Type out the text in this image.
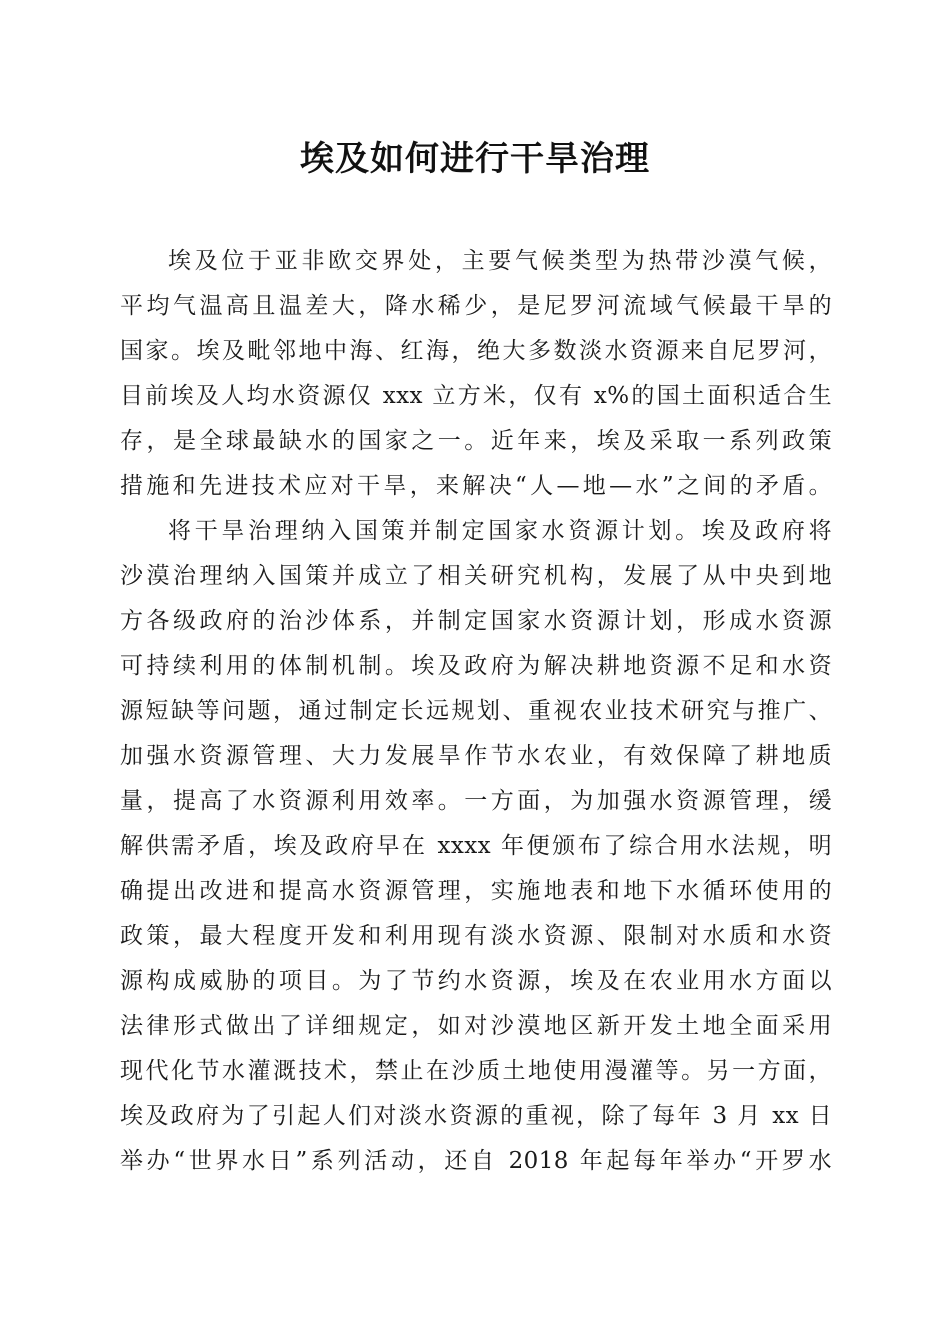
埃及如何进行干旱治理
埃及位于亚非欧交界处，主要气候类型为热带沙漠气候，
平均气温高且温差大，降水稀少，是尼罗河流域气候最干旱的
国家。埃及毗邻地中海、红海，绝大多数淡水资源来自尼罗河，
目前埃及人均水资源仅 xxx 立方米，仅有 x%的国土面积适合生
存，是全球最缺水的国家之一。近年来，埃及采取一系列政策
措施和先进技术应对干旱，来解决“人—地—水”之间的矛盾。
将干旱治理纳入国策并制定国家水资源计划。埃及政府将
沙漠治理纳入国策并成立了相关研究机构，发展了从中央到地
方各级政府的治沙体系，并制定国家水资源计划，形成水资源
可持续利用的体制机制。埃及政府为解决耕地资源不足和水资
源短缺等问题，通过制定长远规划、重视农业技术研究与推广、
加强水资源管理、大力发展旱作节水农业，有效保障了耕地质
量，提高了水资源利用效率。一方面，为加强水资源管理，缓
解供需矛盾，埃及政府早在 xxxx 年便颁布了综合用水法规，明
确提出改进和提高水资源管理，实施地表和地下水循环使用的
政策，最大程度开发和利用现有淡水资源、限制对水质和水资
源构成威胁的项目。为了节约水资源，埃及在农业用水方面以
法律形式做出了详细规定，如对沙漠地区新开发土地全面采用
现代化节水灌溉技术，禁止在沙质土地使用漫灌等。另一方面，
埃及政府为了引起人们对淡水资源的重视，除了每年 3 月 xx 日
举办“世界水日”系列活动，还自 2018 年起每年举办“开罗水
